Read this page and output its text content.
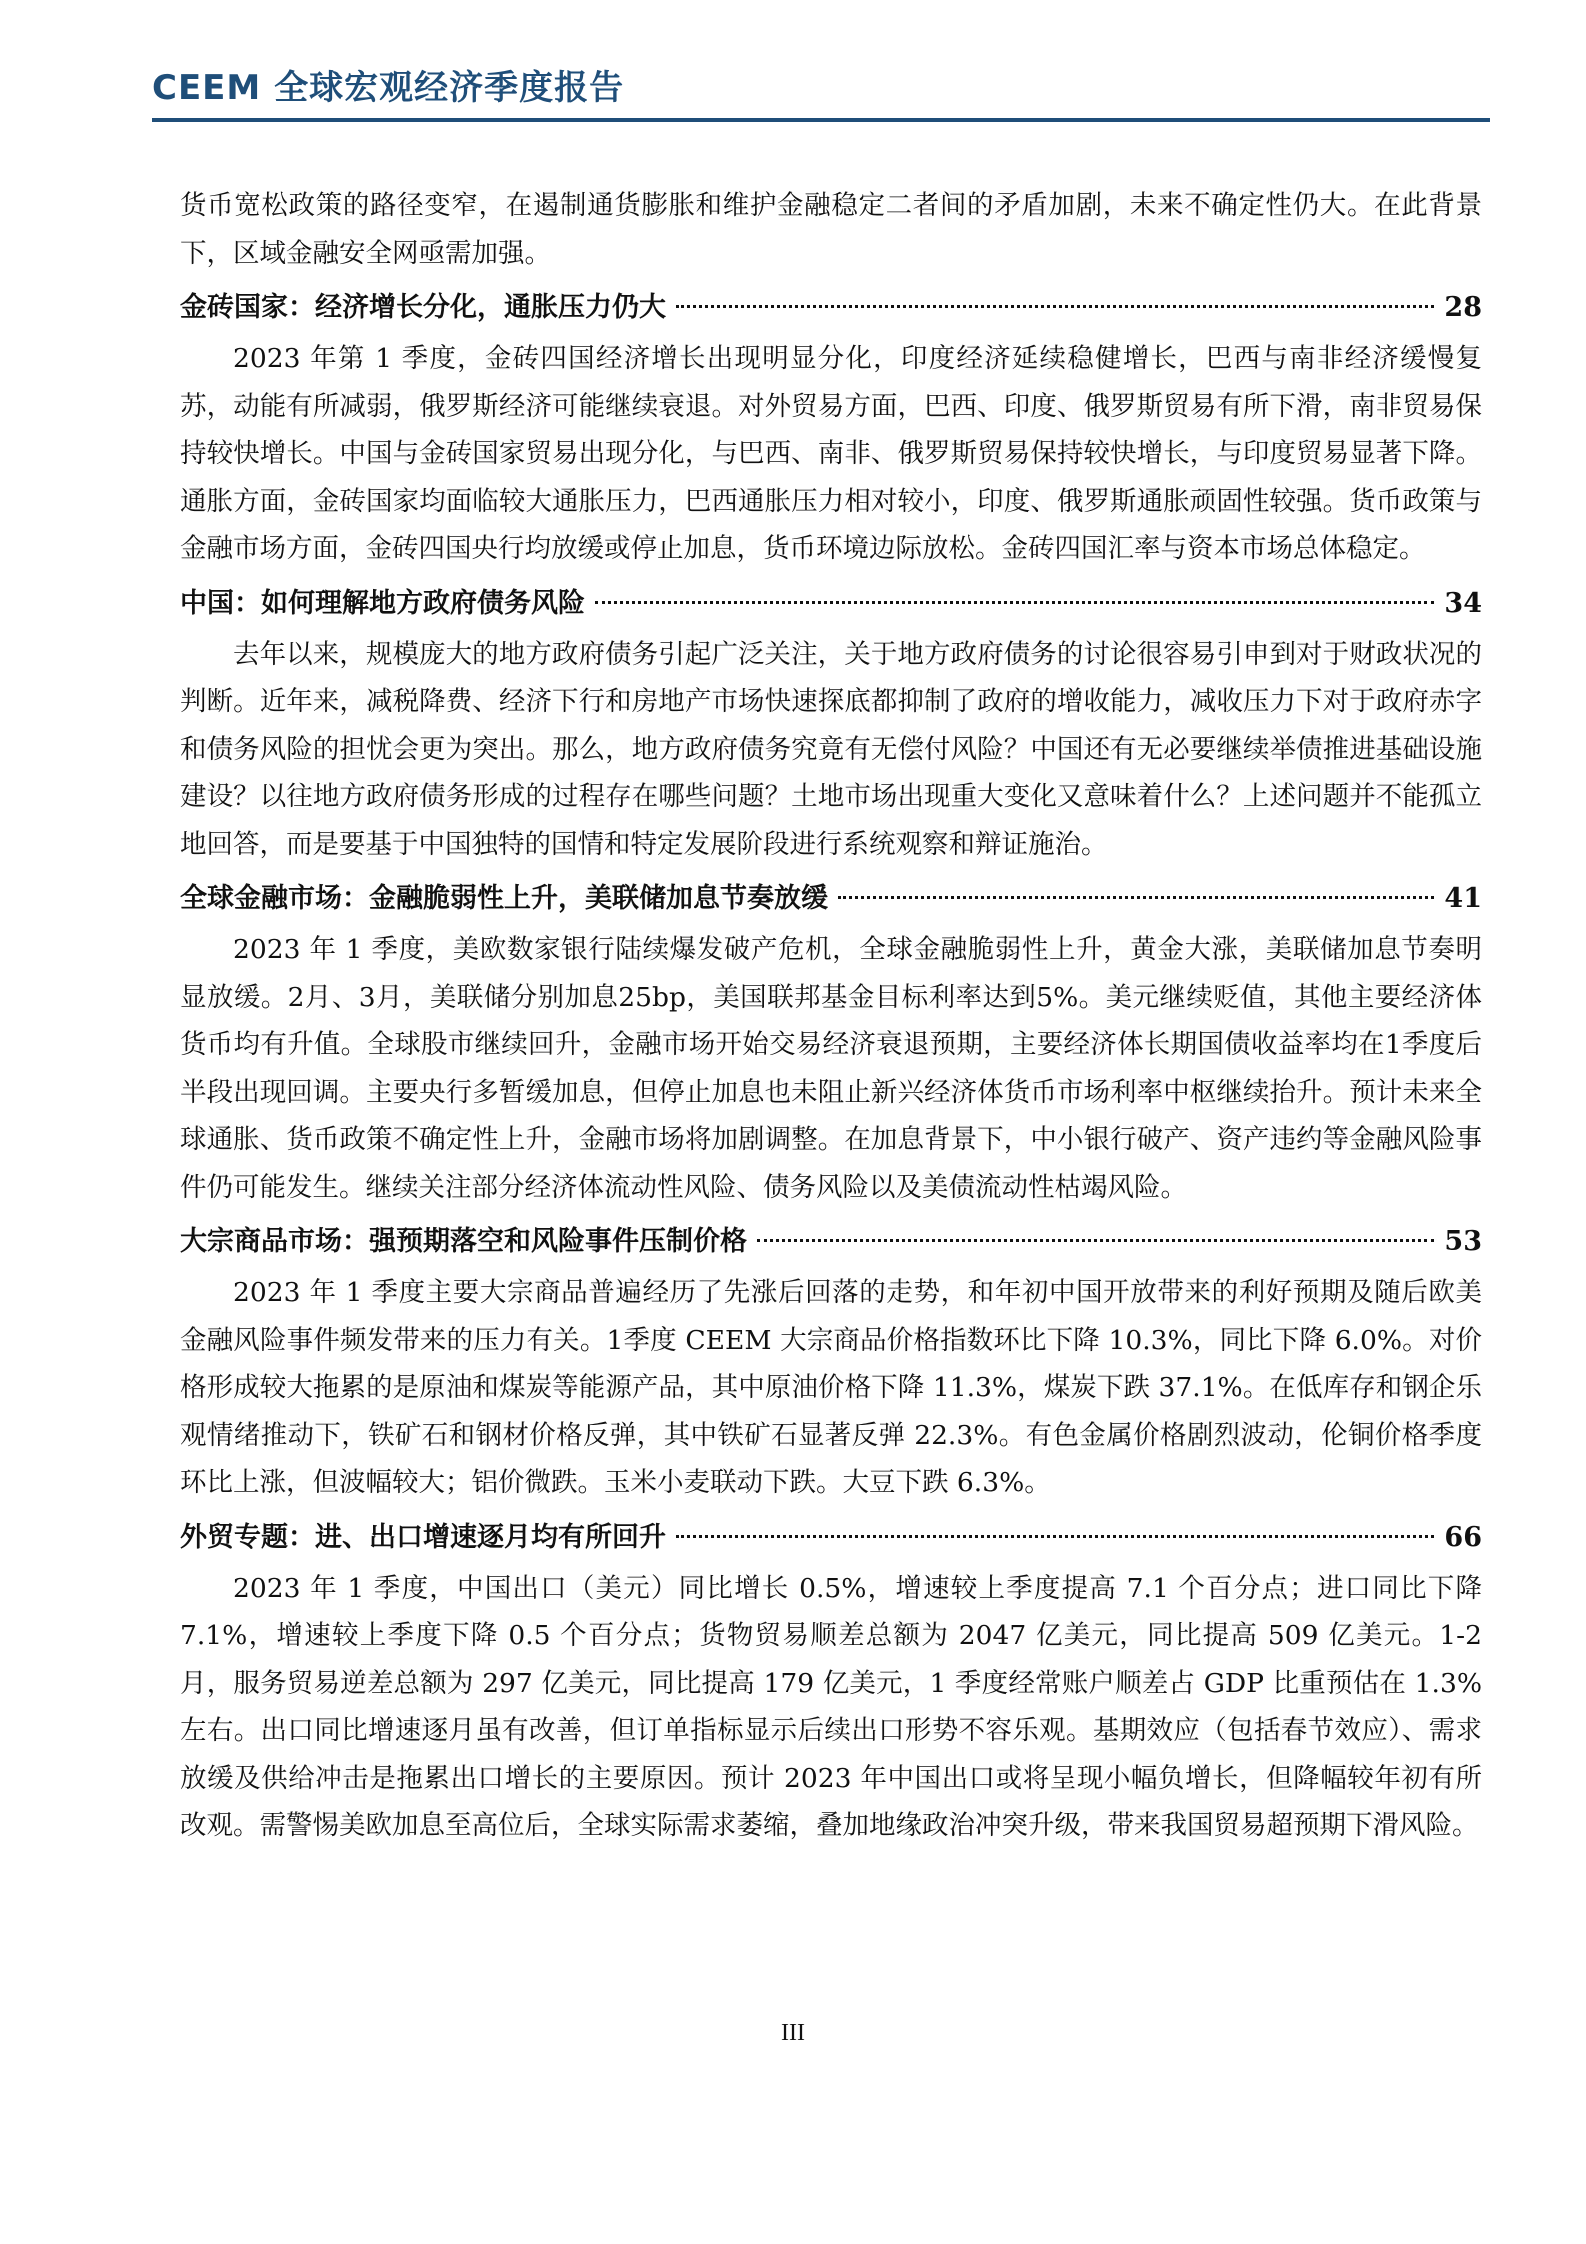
CEEM 全球宏观经济季度报告

货币宽松政策的路径变窄，在遏制通货膨胀和维护金融稳定二者间的矛盾加剧，未来不确定性仍大。在此背景下，区域金融安全网亟需加强。

金砖国家：经济增长分化，通胀压力仍大	28

2023 年第 1 季度，金砖四国经济增长出现明显分化，印度经济延续稳健增长，巴西与南非经济缓慢复苏，动能有所减弱，俄罗斯经济可能继续衰退。对外贸易方面，巴西、印度、俄罗斯贸易有所下滑，南非贸易保持较快增长。中国与金砖国家贸易出现分化，与巴西、南非、俄罗斯贸易保持较快增长，与印度贸易显著下降。通胀方面，金砖国家均面临较大通胀压力，巴西通胀压力相对较小，印度、俄罗斯通胀顽固性较强。货币政策与金融市场方面，金砖四国央行均放缓或停止加息，货币环境边际放松。金砖四国汇率与资本市场总体稳定。

中国：如何理解地方政府债务风险	34

去年以来，规模庞大的地方政府债务引起广泛关注，关于地方政府债务的讨论很容易引申到对于财政状况的判断。近年来，减税降费、经济下行和房地产市场快速探底都抑制了政府的增收能力，减收压力下对于政府赤字和债务风险的担忧会更为突出。那么，地方政府债务究竟有无偿付风险？中国还有无必要继续举债推进基础设施建设？以往地方政府债务形成的过程存在哪些问题？土地市场出现重大变化又意味着什么？上述问题并不能孤立地回答，而是要基于中国独特的国情和特定发展阶段进行系统观察和辩证施治。

全球金融市场：金融脆弱性上升，美联储加息节奏放缓	41

2023 年 1 季度，美欧数家银行陆续爆发破产危机，全球金融脆弱性上升，黄金大涨，美联储加息节奏明显放缓。2月、3月，美联储分别加息25bp，美国联邦基金目标利率达到5%。美元继续贬值，其他主要经济体货币均有升值。全球股市继续回升，金融市场开始交易经济衰退预期，主要经济体长期国债收益率均在1季度后半段出现回调。主要央行多暂缓加息，但停止加息也未阻止新兴经济体货币市场利率中枢继续抬升。预计未来全球通胀、货币政策不确定性上升，金融市场将加剧调整。在加息背景下，中小银行破产、资产违约等金融风险事件仍可能发生。继续关注部分经济体流动性风险、债务风险以及美债流动性枯竭风险。

大宗商品市场：强预期落空和风险事件压制价格	53

2023 年 1 季度主要大宗商品普遍经历了先涨后回落的走势，和年初中国开放带来的利好预期及随后欧美金融风险事件频发带来的压力有关。1季度 CEEM 大宗商品价格指数环比下降 10.3%，同比下降 6.0%。对价格形成较大拖累的是原油和煤炭等能源产品，其中原油价格下降 11.3%，煤炭下跌 37.1%。在低库存和钢企乐观情绪推动下，铁矿石和钢材价格反弹，其中铁矿石显著反弹 22.3%。有色金属价格剧烈波动，伦铜价格季度环比上涨，但波幅较大；铝价微跌。玉米小麦联动下跌。大豆下跌 6.3%。

外贸专题：进、出口增速逐月均有所回升	66

2023 年 1 季度，中国出口（美元）同比增长 0.5%，增速较上季度提高 7.1 个百分点；进口同比下降 7.1%，增速较上季度下降 0.5 个百分点；货物贸易顺差总额为 2047 亿美元，同比提高 509 亿美元。1-2 月，服务贸易逆差总额为 297 亿美元，同比提高 179 亿美元，1 季度经常账户顺差占 GDP 比重预估在 1.3%左右。出口同比增速逐月虽有改善，但订单指标显示后续出口形势不容乐观。基期效应（包括春节效应）、需求放缓及供给冲击是拖累出口增长的主要原因。预计 2023 年中国出口或将呈现小幅负增长，但降幅较年初有所改观。需警惕美欧加息至高位后，全球实际需求萎缩，叠加地缘政治冲突升级，带来我国贸易超预期下滑风险。

III
